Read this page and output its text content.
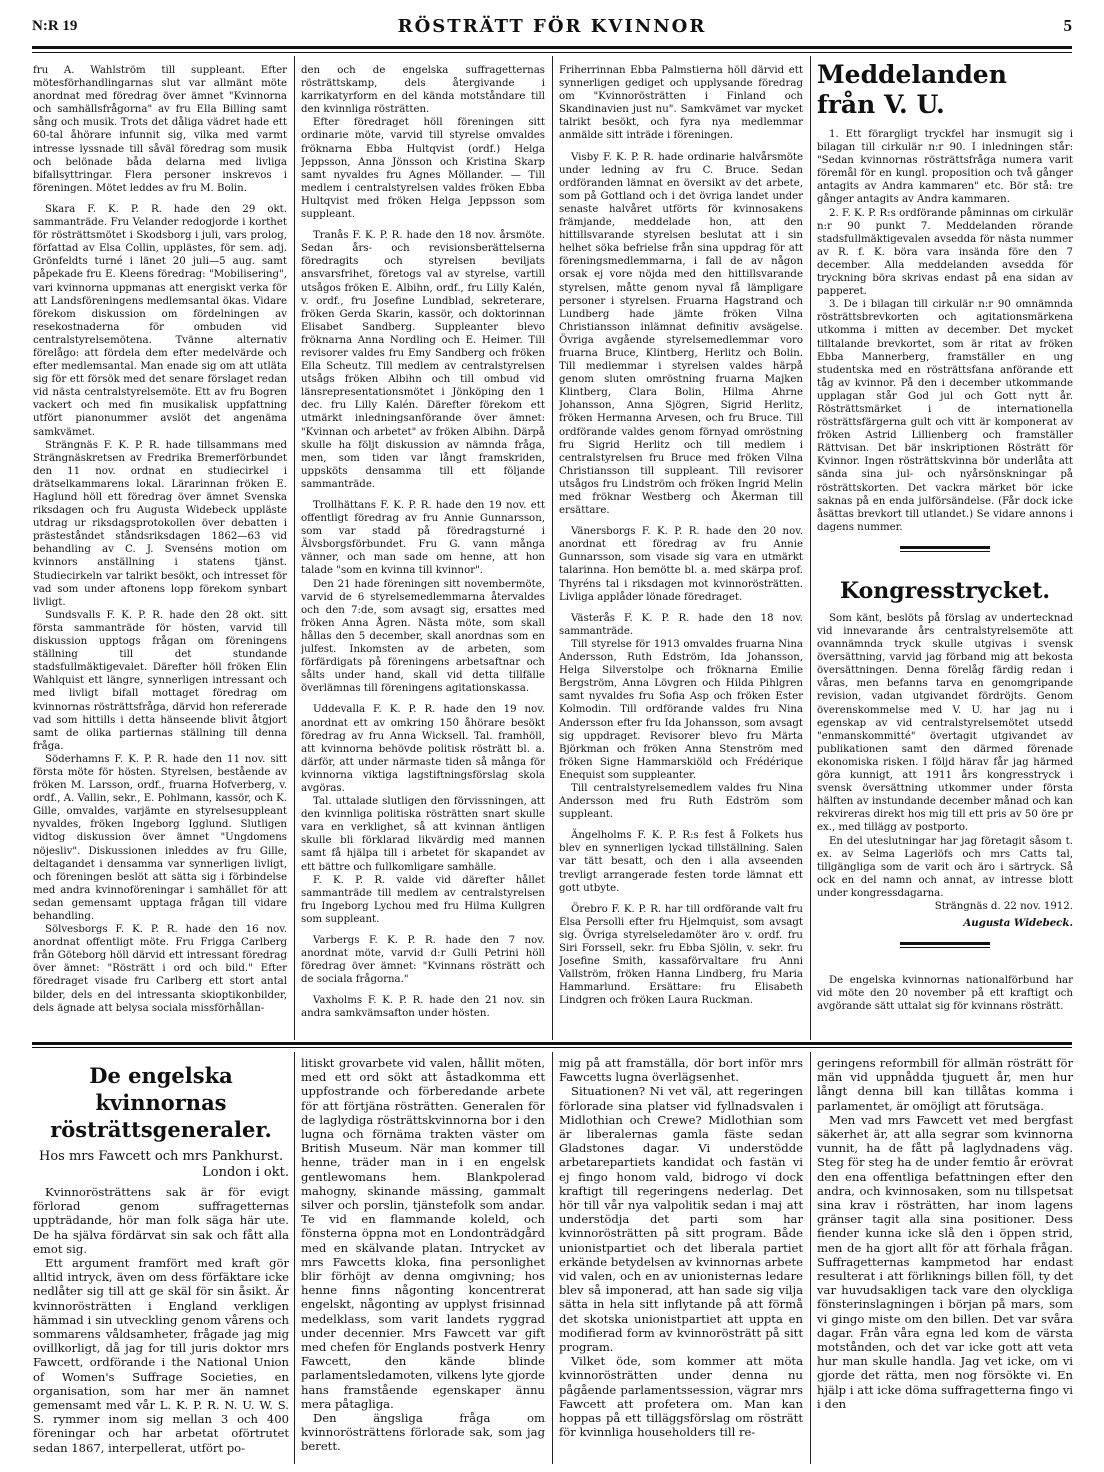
N:R 19	RÖSTRÄTT FÖR KVINNOR	5

fru A. Wahlström till suppleant. Efter mötesförhandlingarnas slut var allmänt möte anordnat med föredrag över ämnet "Kvinnorna och samhällsfrågorna" av fru Ella Billing samt sång och musik. Trots det dåliga vädret hade ett 60-tal åhörare infunnit sig, vilka med varmt intresse lyssnade till såväl föredrag som musik och belönade båda delarna med livliga bifallsyttringar. Flera personer inskrevos i föreningen. Mötet leddes av fru M. Bolin.

Skara F. K. P. R. hade den 29 okt. sammanträde. Fru Velander redogjorde i korthet för rösträttsmötet i Skodsborg i juli, vars prolog, författad av Elsa Collin, upplästes, för sem. adj. Grönfeldts turné i länet 20 juli—5 aug. samt påpekade fru E. Kleens föredrag: "Mobilisering", vari kvinnorna uppmanas att energiskt verka för att Landsföreningens medlemsantal ökas. Vidare förekom diskussion om fördelningen av resekostnaderna för ombuden vid centralstyrelsemötena. Tvänne alternativ förelågo: att fördela dem efter medelvärde och efter medlemsantal. Man enade sig om att utläta sig för ett försök med det senare förslaget redan vid nästa centralstyrelsemöte. Ett av fru Bogren vackert och med fin musikalisk uppfattning utfört pianonummer avslöt det angenäma samkvämet.

Strängnäs F. K. P. R. hade tillsammans med Strängnäskretsen av Fredrika Bremerförbundet den 11 nov. ordnat en studiecirkel i drätselkammarens lokal. Lärarinnan fröken E. Haglund höll ett föredrag över ämnet Svenska riksdagen och fru Augusta Widebeck uppläste utdrag ur riksdagsprotokollen över debatten i prästeståndet ståndsriksdagen 1862—63 vid behandling av C. J. Svenséns motion om kvinnors anställning i statens tjänst. Studiecirkeln var talrikt besökt, och intresset för vad som under aftonens lopp förekom synbart livligt.

Sundsvalls F. K. P. R. hade den 28 okt. sitt första sammanträde för hösten, varvid till diskussion upptogs frågan om föreningens ställning till det stundande stadsfullmäktigevalet. Därefter höll fröken Elin Wahlquist ett längre, synnerligen intressant och med livligt bifall mottaget föredrag om kvinnornas rösträttsfråga, därvid hon refererade vad som hittills i detta hänseende blivit åtgjort samt de olika partiernas ställning till denna fråga.

Söderhamns F. K. P. R. hade den 11 nov. sitt första möte för hösten. Styrelsen, bestående av fröken M. Larsson, ordf., fruarna Hofverberg, v. ordf., A. Vallin, sekr., E. Pohlmann, kassör, och K. Gille, omvaldes, varjämte en styrelsesuppleant nyvaldes, fröken Ingeborg Igglund. Slutligen vidtog diskussion över ämnet "Ungdomens nöjesliv". Diskussionen inleddes av fru Gille, deltagandet i densamma var synnerligen livligt, och föreningen beslöt att sätta sig i förbindelse med andra kvinnoföreningar i samhället för att sedan gemensamt upptaga frågan till vidare behandling.

Sölvesborgs F. K. P. R. hade den 16 nov. anordnat offentligt möte. Fru Frigga Carlberg från Göteborg höll därvid ett intressant föredrag över ämnet: "Rösträtt i ord och bild." Efter föredraget visade fru Carlberg ett stort antal bilder, dels en del intressanta skioptikonbilder, dels ägnade att belysa sociala missförhållan-

den och de engelska suffragetternas rösträttskamp, dels återgivande i karrikatyrform en del kända motståndare till den kvinnliga rösträtten.

Efter föredraget höll föreningen sitt ordinarie möte, varvid till styrelse omvaldes fröknarna Ebba Hultqvist (ordf.) Helga Jeppsson, Anna Jönsson och Kristina Skarp samt nyvaldes fru Agnes Möllander. — Till medlem i centralstyrelsen valdes fröken Ebba Hultqvist med fröken Helga Jeppsson som suppleant.

Tranås F. K. P. R. hade den 18 nov. årsmöte. Sedan års- och revisionsberättelserna föredragits och styrelsen beviljats ansvarsfrihet, företogs val av styrelse, vartill utsågos fröken E. Albihn, ordf., fru Lilly Kalén, v. ordf., fru Josefine Lundblad, sekreterare, fröken Gerda Skarin, kassör, och doktorinnan Elisabet Sandberg. Suppleanter blevo fröknarna Anna Nordling och E. Heimer. Till revisorer valdes fru Emy Sandberg och fröken Ella Scheutz. Till medlem av centralstyrelsen utsågs fröken Albihn och till ombud vid länsrepresentationsmötet i Jönköping den 1 dec. fru Lilly Kalén. Därefter förekom ett utmärkt inledningsanförande över ämnet: "Kvinnan och arbetet" av fröken Albihn. Därpå skulle ha följt diskussion av nämnda fråga, men, som tiden var långt framskriden, uppsköts densamma till ett följande sammanträde.

Trollhättans F. K. P. R. hade den 19 nov. ett offentligt föredrag av fru Annie Gunnarsson, som var stadd på föredragsturné i Älvsborgsförbundet. Fru G. vann många vänner, och man sade om henne, att hon talade "som en kvinna till kvinnor".

Den 21 hade föreningen sitt novembermöte, varvid de 6 styrelsemedlemmarna återvaldes och den 7:de, som avsagt sig, ersattes med fröken Anna Ågren. Nästa möte, som skall hållas den 5 december, skall anordnas som en julfest. Inkomsten av de arbeten, som förfärdigats på föreningens arbetsaftnar och sålts under hand, skall vid detta tillfälle överlämnas till föreningens agitationskassa.

Uddevalla F. K. P. R. hade den 19 nov. anordnat ett av omkring 150 åhörare besökt föredrag av fru Anna Wicksell. Tal. framhöll, att kvinnorna behövde politisk rösträtt bl. a. därför, att under närmaste tiden så många för kvinnorna viktiga lagstiftningsförslag skola avgöras.

Tal. uttalade slutligen den förvissningen, att den kvinnliga politiska rösträtten snart skulle vara en verklighet, så att kvinnan äntligen skulle bli förklarad likvärdig med mannen samt få hjälpa till i arbetet för skapandet av ett bättre och fullkomligare samhälle.

F. K. P. R. valde vid därefter hållet sammanträde till medlem av centralstyrelsen fru Ingeborg Lychou med fru Hilma Kullgren som suppleant.

Varbergs F. K. P. R. hade den 7 nov. anordnat möte, varvid d:r Gulli Petrini höll föredrag över ämnet: "Kvinnans rösträtt och de sociala frågorna."

Vaxholms F. K. P. R. hade den 21 nov. sin andra samkvämsafton under hösten.

Friherrinnan Ebba Palmstierna höll därvid ett synnerligen gediget och upplysande föredrag om "Kvinnorösträtten i Finland och Skandinavien just nu". Samkvämet var mycket talrikt besökt, och fyra nya medlemmar anmälde sitt inträde i föreningen.

Visby F. K. P. R. hade ordinarie halvårsmöte under ledning av fru C. Bruce. Sedan ordföranden lämnat en översikt av det arbete, som på Gottland och i det övriga landet under senaste halvåret utförts för kvinnosakens främjande, meddelade hon, att den hittillsvarande styrelsen beslutat att i sin helhet söka befrielse från sina uppdrag för att föreningsmedlemmarna, i fall de av någon orsak ej vore nöjda med den hittillsvarande styrelsen, måtte genom nyval få lämpligare personer i styrelsen. Fruarna Hagstrand och Lundberg hade jämte fröken Vilna Christiansson inlämnat definitiv avsägelse. Övriga avgående styrelsemedlemmar voro fruarna Bruce, Klintberg, Herlitz och Bolin. Till medlemmar i styrelsen valdes härpå genom sluten omröstning fruarna Majken Klintberg, Clara Bolin, Hilma Ahrne Johansson, Anna Sjögren, Sigrid Herlitz, fröken Hermanna Arvesen, och fru Bruce. Till ordförande valdes genom förnyad omröstning fru Sigrid Herlitz och till medlem i centralstyrelsen fru Bruce med fröken Vilna Christiansson till suppleant. Till revisorer utsågos fru Lindström och fröken Ingrid Melin med fröknar Westberg och Åkerman till ersättare.

Vänersborgs F. K. P. R. hade den 20 nov. anordnat ett föredrag av fru Annie Gunnarsson, som visade sig vara en utmärkt talarinna. Hon bemötte bl. a. med skärpa prof. Thyréns tal i riksdagen mot kvinnorösträtten. Livliga applåder lönade föredraget.

Västerås F. K. P. R. hade den 18 nov. sammanträde.

Till styrelse för 1913 omvaldes fruarna Nina Andersson, Ruth Edström, Ida Johansson, Helga Silverstolpe och fröknarna Emilie Bergström, Anna Lövgren och Hilda Pihlgren samt nyvaldes fru Sofia Asp och fröken Ester Kolmodin. Till ordförande valdes fru Nina Andersson efter fru Ida Johansson, som avsagt sig uppdraget. Revisorer blevo fru Märta Björkman och fröken Anna Stenström med fröken Signe Hammarskiöld och Frédérique Enequist som suppleanter.

Till centralstyrelsemedlem valdes fru Nina Andersson med fru Ruth Edström som suppleant.

Ängelholms F. K. P. R:s fest å Folkets hus blev en synnerligen lyckad tillställning. Salen var tätt besatt, och den i alla avseenden trevligt arrangerade festen torde lämnat ett gott utbyte.

Örebro F. K. P. R. har till ordförande valt fru Elsa Persolli efter fru Hjelmquist, som avsagt sig. Övriga styrelseledamöter äro v. ordf. fru Siri Forssell, sekr. fru Ebba Sjölin, v. sekr. fru Josefine Smith, kassaförvaltare fru Anni Vallström, fröken Hanna Lindberg, fru Maria Hammarlund. Ersättare: fru Elisabeth Lindgren och fröken Laura Ruckman.

Meddelanden från V. U.

1. Ett förargligt tryckfel har insmugit sig i bilagan till cirkulär n:r 90. I inledningen står: "Sedan kvinnornas rösträttsfråga numera varit föremål för en kungl. proposition och två gånger antagits av Andra kammaren" etc. Bör stå: tre gånger antagits av Andra kammaren.

2. F. K. P. R:s ordförande påminnas om cirkulär n:r 90 punkt 7. Meddelanden rörande stadsfullmäktigevalen avsedda för nästa nummer av R. f. K. böra vara insända före den 7 december. Alla meddelanden avsedda för tryckning böra skrivas endast på ena sidan av papperet.

3. De i bilagan till cirkulär n:r 90 omnämnda rösträttsbrevkorten och agitationsmärkena utkomma i mitten av december. Det mycket tilltalande brevkortet, som är ritat av fröken Ebba Mannerberg, framställer en ung studentska med en rösträttsfana anförande ett tåg av kvinnor. På den i december utkommande upplagan står God jul och Gott nytt år. Rösträttsmärket i de internationella rösträttsfärgerna gult och vitt är komponerat av fröken Astrid Lillienberg och framställer Rättvisan. Det bär inskriptionen Rösträtt för Kvinnor. Ingen rösträttskvinna bör underlåta att sända sina jul- och nyårsönskningar på rösträttskorten. Det vackra märket bör icke saknas på en enda julförsändelse. (Får dock icke åsättas brevkort till utlandet.) Se vidare annons i dagens nummer.

Kongresstrycket.

Som känt, beslöts på förslag av undertecknad vid innevarande års centralstyrelsemöte att ovannämnda tryck skulle utgivas i svensk översättning, varvid jag förband mig att bekosta översättningen. Denna förelåg färdig redan i våras, men befanns tarva en genomgripande revision, vadan utgivandet fördröjts. Genom överenskommelse med V. U. har jag nu i egenskap av vid centralstyrelsemötet utsedd "enmanskommitté" övertagit utgivandet av publikationen samt den därmed förenade ekonomiska risken. I följd härav får jag härmed göra kunnigt, att 1911 års kongresstryck i svensk översättning utkommer under första hälften av instundande december månad och kan rekvireras direkt hos mig till ett pris av 50 öre pr ex., med tillägg av postporto.

En del uteslutningar har jag företagit såsom t. ex. av Selma Lagerlöfs och mrs Catts tal, tillgängliga som de varit och äro i särtryck. Så ock en del namn och annat, av intresse blott under kongressdagarna.

Strängnäs d. 22 nov. 1912.
Augusta Widebeck.

De engelska kvinnornas nationalförbund har vid möte den 20 november på ett kraftigt och avgörande sätt uttalat sig för kvinnans rösträtt.

De engelska kvinnornas rösträttsgeneraler.
Hos mrs Fawcett och mrs Pankhurst.
London i okt.

Kvinnorösträttens sak är för evigt förlorad genom suffragetternas uppträdande, hör man folk säga här ute. De ha själva fördärvat sin sak och fått alla emot sig.

Ett argument framfört med kraft gör alltid intryck, även om dess förfäktare icke nedlåter sig till att ge skäl för sin åsikt. Är kvinnorösträtten i England verkligen hämmad i sin utveckling genom vårens och sommarens våldsamheter, frågade jag mig ovillkorligt, då jag for till juris doktor mrs Fawcett, ordförande i the National Union of Women's Suffrage Societies, en organisation, som har mer än namnet gemensamt med vår L. K. P. R. N. U. W. S. S. rymmer inom sig mellan 3 och 400 föreningar och har arbetat oförtrutet sedan 1867, interpellerat, utfört po-

litiskt grovarbete vid valen, hållit möten, med ett ord sökt att åstadkomma ett uppfostrande och förberedande arbete för att förtjäna rösträtten. Generalen för de laglydiga rösträttskvinnorna bor i den lugna och förnäma trakten väster om British Museum. När man kommer till henne, träder man in i en engelsk gentlewomans hem. Blankpolerad mahogny, skinande mässing, gammalt silver och porslin, tjänstefolk som andar. Te vid en flammande koleld, och fönsterna öppna mot en Londonträdgård med en skälvande platan. Intrycket av mrs Fawcetts kloka, fina personlighet blir förhöjt av denna omgivning; hos henne finns någonting koncentrerat engelskt, någonting av upplyst frisinnad medelklass, som varit landets ryggrad under decennier. Mrs Fawcett var gift med chefen för Englands postverk Henry Fawcett, den kände blinde parlamentsledamoten, vilkens lyte gjorde hans framstående egenskaper ännu mera påtagliga.

Den ängsliga fråga om kvinnorösträttens förlorade sak, som jag berett.

mig på att framställa, dör bort inför mrs Fawcetts lugna överlägsenhet.

Situationen? Ni vet väl, att regeringen förlorade sina platser vid fyllnadsvalen i Midlothian och Crewe? Midlothian som är liberalernas gamla fäste sedan Gladstones dagar. Vi understödde arbetarepartiets kandidat och fastän vi ej fingo honom vald, bidrogo vi dock kraftigt till regeringens nederlag. Det hör till vår nya valpolitik sedan i maj att understödja det parti som har kvinnorösträtten på sitt program. Både unionistpartiet och det liberala partiet erkände betydelsen av kvinnornas arbete vid valen, och en av unionisternas ledare blev så imponerad, att han sade sig vilja sätta in hela sitt inflytande på att förmå det skotska unionistpartiet att uppta en modifierad form av kvinnorösträtt på sitt program.

Vilket öde, som kommer att möta kvinnorösträtten under denna nu pågående parlamentssession, vägrar mrs Fawcett att profetera om. Man kan hoppas på ett tilläggsförslag om rösträtt för kvinnliga householders till re-

geringens reformbill för allmän rösträtt för män vid uppnådda tjuguett år, men hur långt denna bill kan tillåtas komma i parlamentet, är omöjligt att förutsäga.

Men vad mrs Fawcett vet med bergfast säkerhet är, att alla segrar som kvinnorna vunnit, ha de fått på laglydnadens väg. Steg för steg ha de under femtio år erövrat den ena offentliga befattningen efter den andra, och kvinnosaken, som nu tillspetsat sina krav i rösträtten, har inom lagens gränser tagit alla sina positioner. Dess fiender kunna icke slå den i öppen strid, men de ha gjort allt för att förhala frågan. Suffragetternas kampmetod har endast resulterat i att förliknings billen föll, ty det var huvudsakligen tack vare den olyckliga fönsterinslagningen i början på mars, som vi gingo miste om den billen. Det var svåra dagar. Från våra egna led kom de värsta motstånden, och det var icke gott att veta hur man skulle handla. Jag vet icke, om vi gjorde det rätta, men nog försökte vi. En hjälp i att icke döma suffragetterna fingo vi i den
